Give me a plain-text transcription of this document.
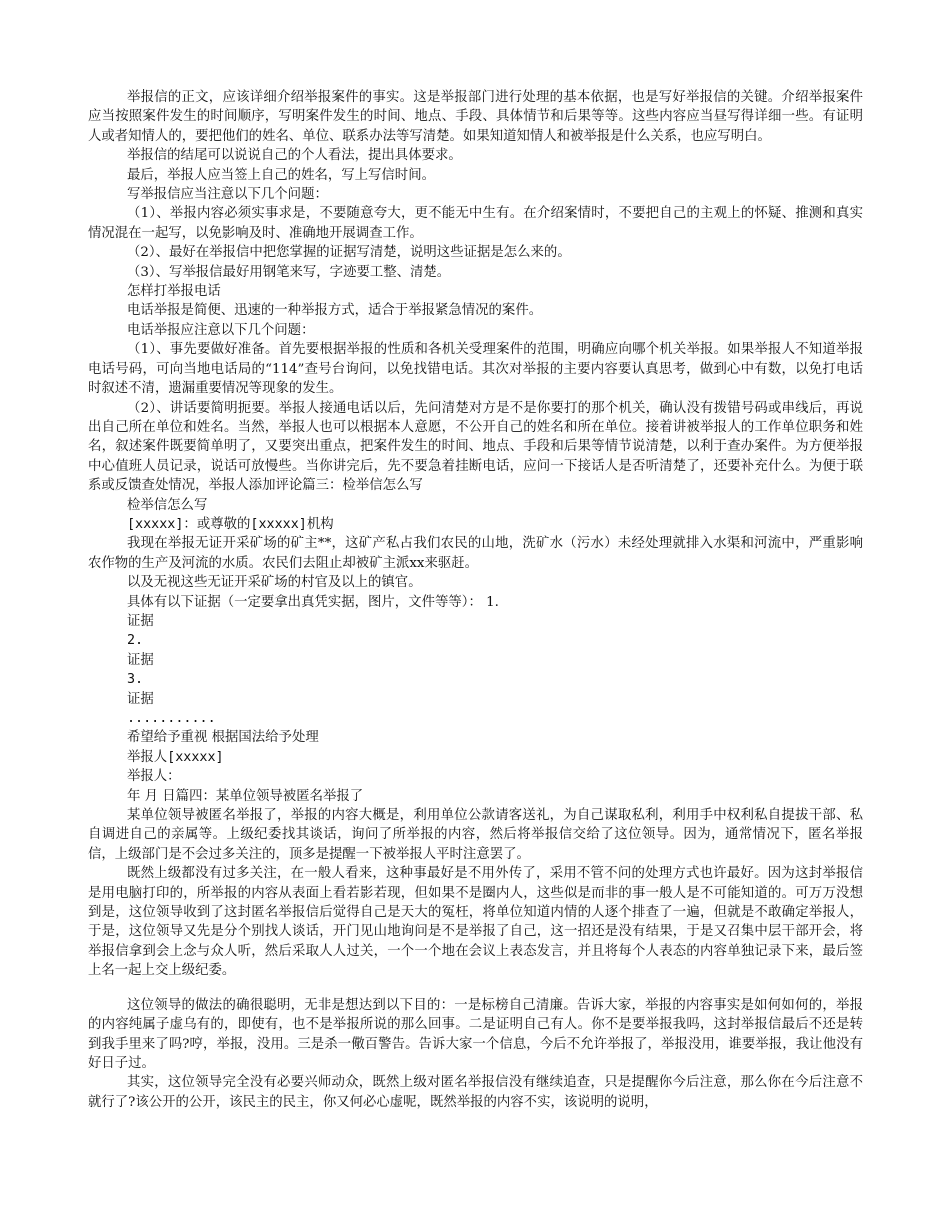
举报信的正文，应该详细介绍举报案件的事实。这是举报部门进行处理的基本依据，也是写好举报信的关键。介绍举报案件应当按照案件发生的时间顺序，写明案件发生的时间、地点、手段、具体情节和后果等等。这些内容应当昼写得详细一些。有证明人或者知情人的，要把他们的姓名、单位、联系办法等写清楚。如果知道知情人和被举报是什么关系，也应写明白。

举报信的结尾可以说说自己的个人看法，提出具体要求。

最后，举报人应当签上自己的姓名，写上写信时间。

写举报信应当注意以下几个问题：

（1）、举报内容必须实事求是，不要随意夸大，更不能无中生有。在介绍案情时，不要把自己的主观上的怀疑、推测和真实情况混在一起写，以免影响及时、准确地开展调查工作。

（2）、最好在举报信中把您掌握的证据写清楚，说明这些证据是怎么来的。

（3）、写举报信最好用钢笔来写，字迹要工整、清楚。

怎样打举报电话

电话举报是简便、迅速的一种举报方式，适合于举报紧急情况的案件。

电话举报应注意以下几个问题：

（1）、事先要做好准备。首先要根据举报的性质和各机关受理案件的范围，明确应向哪个机关举报。如果举报人不知道举报电话号码，可向当地电话局的“114”查号台询问，以免找错电话。其次对举报的主要内容要认真思考，做到心中有数，以免打电话时叙述不清，遗漏重要情况等现象的发生。

（2）、讲话要简明扼要。举报人接通电话以后，先问清楚对方是不是你要打的那个机关，确认没有拨错号码或串线后，再说出自己所在单位和姓名。当然，举报人也可以根据本人意愿，不公开自己的姓名和所在单位。接着讲被举报人的工作单位职务和姓名，叙述案件既要简单明了，又要突出重点，把案件发生的时间、地点、手段和后果等情节说清楚，以利于查办案件。为方便举报中心值班人员记录，说话可放慢些。当你讲完后，先不要急着挂断电话，应问一下接话人是否听清楚了，还要补充什么。为便于联系或反馈查处情况，举报人添加评论篇三：检举信怎么写

检举信怎么写

[xxxxx]：或尊敬的[xxxxx]机构

我现在举报无证开采矿场的矿主**，这矿产私占我们农民的山地，洗矿水（污水）未经处理就排入水渠和河流中，严重影响农作物的生产及河流的水质。农民们去阻止却被矿主派xx来驱赶。

以及无视这些无证开采矿场的村官及以上的镇官。

具体有以下证据（一定要拿出真凭实据，图片，文件等等）： 1.

证据

2.

证据

3.

证据

...........

希望给予重视 根据国法给予处理

举报人[xxxxx]

举报人：

年 月 日篇四：某单位领导被匿名举报了

某单位领导被匿名举报了，举报的内容大概是，利用单位公款请客送礼，为自己谋取私利，利用手中权利私自提拔干部、私自调进自己的亲属等。上级纪委找其谈话，询问了所举报的内容，然后将举报信交给了这位领导。因为，通常情况下，匿名举报信，上级部门是不会过多关注的，顶多是提醒一下被举报人平时注意罢了。

既然上级都没有过多关注，在一般人看来，这种事最好是不用外传了，采用不管不问的处理方式也许最好。因为这封举报信是用电脑打印的，所举报的内容从表面上看若影若现，但如果不是圈内人，这些似是而非的事一般人是不可能知道的。可万万没想到是，这位领导收到了这封匿名举报信后觉得自己是天大的冤枉，将单位知道内情的人逐个排查了一遍，但就是不敢确定举报人，于是，这位领导又先是分个别找人谈话，开门见山地询问是不是举报了自己，这一招还是没有结果，于是又召集中层干部开会，将举报信拿到会上念与众人听，然后采取人人过关，一个一个地在会议上表态发言，并且将每个人表态的内容单独记录下来，最后签上名一起上交上级纪委。

这位领导的做法的确很聪明，无非是想达到以下目的：一是标榜自己清廉。告诉大家，举报的内容事实是如何如何的，举报的内容纯属子虚乌有的，即使有，也不是举报所说的那么回事。二是证明自己有人。你不是要举报我吗，这封举报信最后不还是转到我手里来了吗?哼，举报，没用。三是杀一儆百警告。告诉大家一个信息，今后不允许举报了，举报没用，谁要举报，我让他没有好日子过。

其实，这位领导完全没有必要兴师动众，既然上级对匿名举报信没有继续追查，只是提醒你今后注意，那么你在今后注意不就行了?该公开的公开，该民主的民主，你又何必心虚呢，既然举报的内容不实，该说明的说明，
